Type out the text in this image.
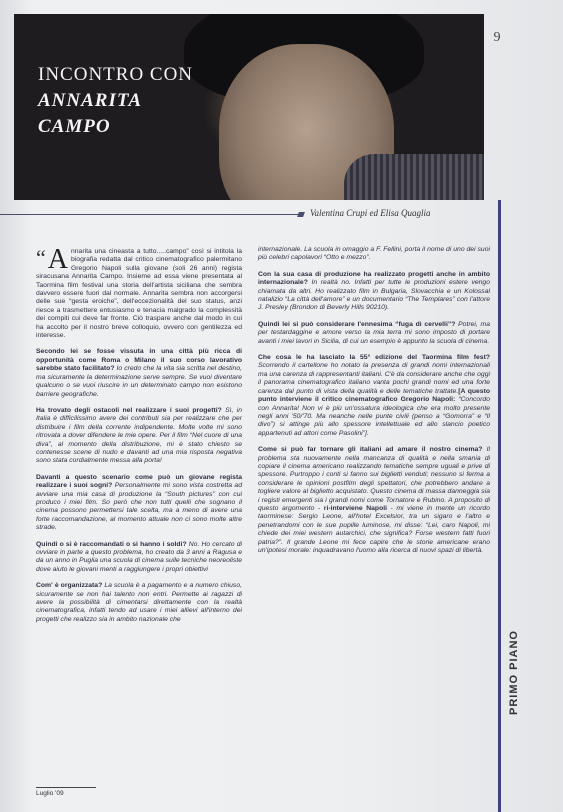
INCONTRO CON
ANNARITA
CAMPO
9
Valentina Crupi ed Elisa Quaglia
PRIMO PIANO

“ A nnarita una cineasta a tutto.....campo” così si intitola la biografia redatta dal critico cinematografico palermitano Gregorio Napoli sulla giovane (soli 26 anni) regista siracusana Annarita Campo. Insieme ad essa viene presentata al Taormina film festival una storia dell'artista siciliana che sembra davvero essere fuori dal normale. Annarita sembra non accorgersi delle sue “gesta eroiche”, dell'eccezionalità del suo status, anzi riesce a trasmettere entusiasmo e tenacia malgrado la complessità dei compiti cui deve far fronte. Ciò traspare anche dal modo in cui ha accolto per il nostro breve colloquio, ovvero con gentilezza ed interesse.

Secondo lei se fosse vissuta in una città più ricca di opportunità come Roma o Milano il suo corso lavorativo sarebbe stato facilitato? Io credo che la vita sia scritta nel destino, ma sicuramente la determinazione serve sempre. Se vuoi diventare qualcuno o se vuoi riuscire in un determinato campo non esistono barriere geografiche.

Ha trovato degli ostacoli nel realizzare i suoi progetti? Sì, in Italia è difficilissimo avere dei contributi sia per realizzare che per distribuire i film della corrente indipendente. Molte volte mi sono ritrovata a dover difendere le mie opere. Per il film “Nel cuore di una diva”, al momento della distribuzione, mi è stato chiesto se contenesse scene di nudo e davanti ad una mia risposta negativa sono stata cordialmente messa alla porta!

Davanti a questo scenario come può un giovane regista realizzare i suoi sogni? Personalmente mi sono vista costretta ad avviare una mia casa di produzione la “South pictures” con cui produco i miei film. So però che non tutti quelli che sognano il cinema possono permettersi tale scelta, ma a meno di avere una forte raccomandazione, al momento attuale non ci sono molte altre strade.

Quindi o si è raccomandati o si hanno i soldi? No. Ho cercato di ovviare in parte a questo problema, ho creato da 3 anni a Ragusa e da un anno in Puglia una scuola di cinema sulle tecniche neoreoliste dove aiuto le giovani menti a raggiungere i propri obiettivi

Com' è organizzata? La scuola è a pagamento e a numero chiuso, sicuramente se non hai talento non entri. Permette ai ragazzi di avere la possibilità di cimentarsi direttamente con la realtà cinematografica, infatti tendo ad usare i miei allievi all'interno dei progetti che realizzo sia in ambito nazionale che

internazionale. La scuola in omaggio a F. Fellini, porta il nome di uno dei suoi più celebri capolavori “Otto e mezzo”.

Con la sua casa di produzione ha realizzato progetti anche in ambito internazionale? In realtà no. Infatti per tutte le produzioni estere vengo chiamata da altri. Ho realizzato film in Bulgaria, Slovacchia e un Kolossal natalizio “La città dell'amore” e un documentario “The Templares” con l'attore J. Presley (Brondon di Beverly Hills 90210).

Quindi lei si può considerare l'ennesima “fuga di cervelli”? Potrei, ma per testardaggine e amore verso la mia terra mi sono imposto di portare avanti i miei lavori in Sicilia, di cui un esempio è appunto la scuola di cinema.

Che cosa le ha lasciato la 55° edizione del Taormina film fest? Scorrendo il cartellone ho notato la presenza di grandi nomi internazionali ma una carenza di rappresentanti italiani. C'è da considerare anche che oggi il panorama cinematografico italiano vanta pochi grandi nomi ed una forte carenza dal punto di vista della qualità e delle tematiche trattate.[A questo punto interviene il critico cinematografico Gregorio Napoli: “Concordo con Annarita! Non vi è più un'ossatura ideologica che era molto presente negli anni '50/'70. Ma neanche nelle punte civili (penso a “Gomorra” e “Il divo”) si attinge più allo spessore intellettuale ed allo slancio poetico appartenuti ad attori come Pasolini”].

Come si può far tornare gli italiani ad amare il nostro cinema? Il problema sta nuovamente nella mancanza di qualità e nella smania di copiare il cinema americano realizzando tematiche sempre uguali e prive di spessore. Purtroppo i conti si fanno sui biglietti venduti; nessuno si ferma a considerare le opinioni postfilm degli spettatori, che potrebbero andare a togliere valore al biglietto acquistato. Questo cinema di massa danneggia sia i registi emergenti sia i grandi nomi come Tornatore e Rubino. A proposito di questo argomento - ri-interviene Napoli - mi viene in mente un ricordo taorminese: Sergio Leone, all'hotel Excelsior, tra un sigaro e l'altro e penetrandomi con le sue pupille luminose, mi disse: “Lei, caro Napoli, mi chiede dei miei western autarchici, che significa? Forse western fatti fuori patria?”. Il grande Leone mi fece capire che le storie americane erano un'ipotesi morale: inquadravano l'uomo alla ricerca di nuovi spazi di libertà.

Luglio '09
